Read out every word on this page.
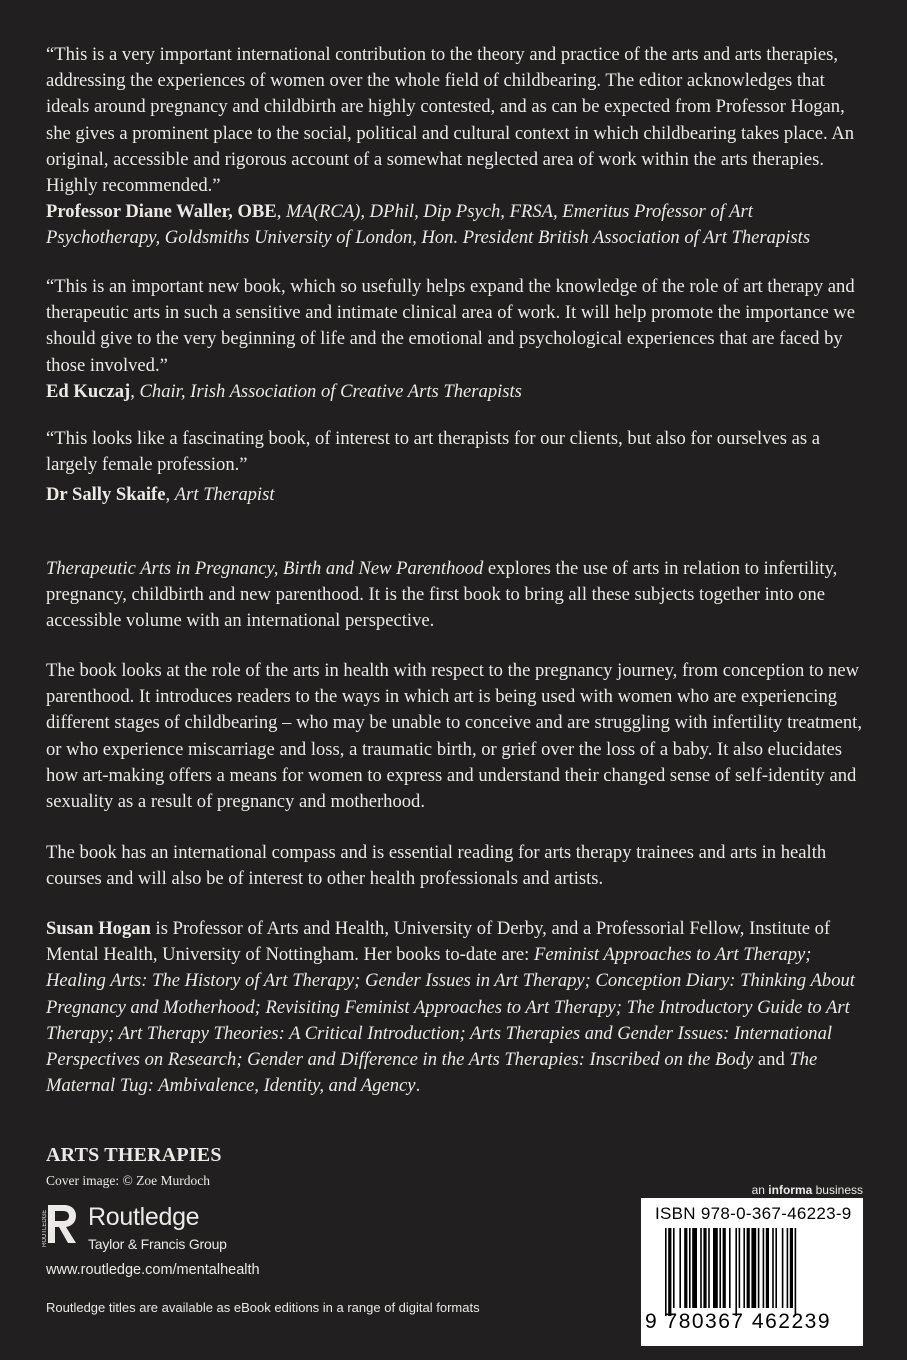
“This is a very important international contribution to the theory and practice of the arts and arts therapies, addressing the experiences of women over the whole field of childbearing. The editor acknowledges that ideals around pregnancy and childbirth are highly contested, and as can be expected from Professor Hogan, she gives a prominent place to the social, political and cultural context in which childbearing takes place. An original, accessible and rigorous account of a somewhat neglected area of work within the arts therapies. Highly recommended.”

Professor Diane Waller, OBE, MA(RCA), DPhil, Dip Psych, FRSA, Emeritus Professor of Art Psychotherapy, Goldsmiths University of London, Hon. President British Association of Art Therapists

“This is an important new book, which so usefully helps expand the knowledge of the role of art therapy and therapeutic arts in such a sensitive and intimate clinical area of work. It will help promote the importance we should give to the very beginning of life and the emotional and psychological experiences that are faced by those involved.”

Ed Kuczaj, Chair, Irish Association of Creative Arts Therapists

“This looks like a fascinating book, of interest to art therapists for our clients, but also for ourselves as a largely female profession.”

Dr Sally Skaife, Art Therapist

Therapeutic Arts in Pregnancy, Birth and New Parenthood explores the use of arts in relation to infertility, pregnancy, childbirth and new parenthood. It is the first book to bring all these subjects together into one accessible volume with an international perspective.

The book looks at the role of the arts in health with respect to the pregnancy journey, from conception to new parenthood. It introduces readers to the ways in which art is being used with women who are experiencing different stages of childbearing – who may be unable to conceive and are struggling with infertility treatment, or who experience miscarriage and loss, a traumatic birth, or grief over the loss of a baby. It also elucidates how art-making offers a means for women to express and understand their changed sense of self-identity and sexuality as a result of pregnancy and motherhood.

The book has an international compass and is essential reading for arts therapy trainees and arts in health courses and will also be of interest to other health professionals and artists.

Susan Hogan is Professor of Arts and Health, University of Derby, and a Professorial Fellow, Institute of Mental Health, University of Nottingham. Her books to-date are: Feminist Approaches to Art Therapy; Healing Arts: The History of Art Therapy; Gender Issues in Art Therapy; Conception Diary: Thinking About Pregnancy and Motherhood; Revisiting Feminist Approaches to Art Therapy; The Introductory Guide to Art Therapy; Art Therapy Theories: A Critical Introduction; Arts Therapies and Gender Issues: International Perspectives on Research; Gender and Difference in the Arts Therapies: Inscribed on the Body and The Maternal Tug: Ambivalence, Identity, and Agency.

ARTS THERAPIES
Cover image: © Zoe Murdoch
ROUTLEDGE Routledge
Taylor & Francis Group
www.routledge.com/mentalhealth
Routledge titles are available as eBook editions in a range of digital formats
an informa business
ISBN 978-0-367-46223-9
9 780367 462239
